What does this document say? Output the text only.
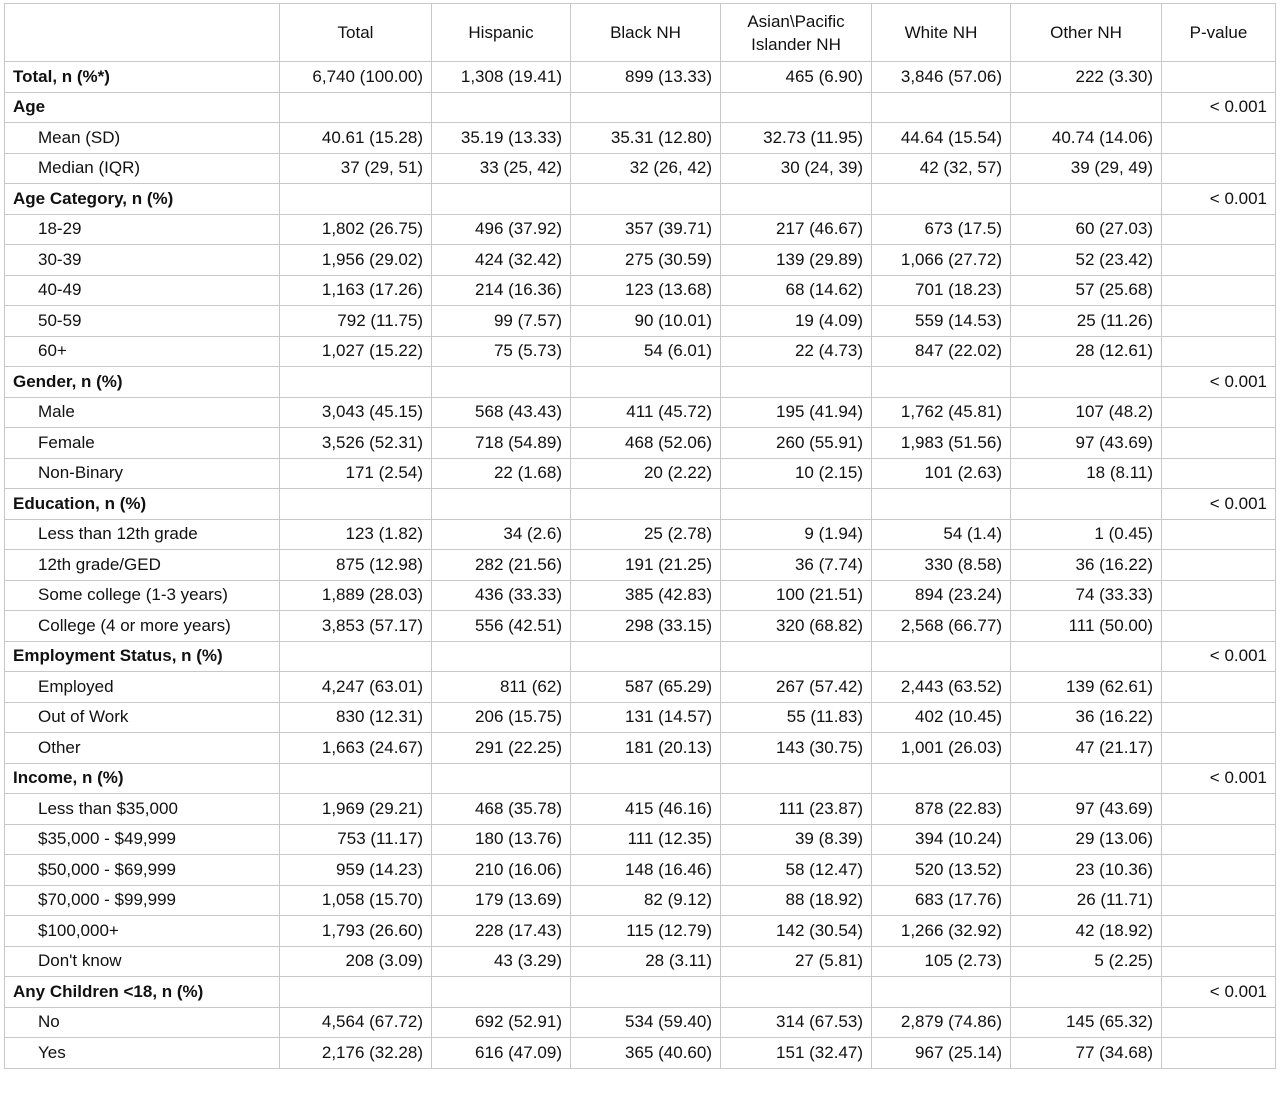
	Total	Hispanic	Black NH	Asian\Pacific Islander NH	White NH	Other NH	P-value
Total, n (%*)	6,740 (100.00)	1,308 (19.41)	899 (13.33)	465 (6.90)	3,846 (57.06)	222 (3.30)	
Age							< 0.001
Mean (SD)	40.61 (15.28)	35.19 (13.33)	35.31 (12.80)	32.73 (11.95)	44.64 (15.54)	40.74 (14.06)	
Median (IQR)	37 (29, 51)	33 (25, 42)	32 (26, 42)	30 (24, 39)	42 (32, 57)	39 (29, 49)	
Age Category, n (%)							< 0.001
18-29	1,802 (26.75)	496 (37.92)	357 (39.71)	217 (46.67)	673 (17.5)	60 (27.03)	
30-39	1,956 (29.02)	424 (32.42)	275 (30.59)	139 (29.89)	1,066 (27.72)	52 (23.42)	
40-49	1,163 (17.26)	214 (16.36)	123 (13.68)	68 (14.62)	701 (18.23)	57 (25.68)	
50-59	792 (11.75)	99 (7.57)	90 (10.01)	19 (4.09)	559 (14.53)	25 (11.26)	
60+	1,027 (15.22)	75 (5.73)	54 (6.01)	22 (4.73)	847 (22.02)	28 (12.61)	
Gender, n (%)							< 0.001
Male	3,043 (45.15)	568 (43.43)	411 (45.72)	195 (41.94)	1,762 (45.81)	107 (48.2)	
Female	3,526 (52.31)	718 (54.89)	468 (52.06)	260 (55.91)	1,983 (51.56)	97 (43.69)	
Non-Binary	171 (2.54)	22 (1.68)	20 (2.22)	10 (2.15)	101 (2.63)	18 (8.11)	
Education, n (%)							< 0.001
Less than 12th grade	123 (1.82)	34 (2.6)	25 (2.78)	9 (1.94)	54 (1.4)	1 (0.45)	
12th grade/GED	875 (12.98)	282 (21.56)	191 (21.25)	36 (7.74)	330 (8.58)	36 (16.22)	
Some college (1-3 years)	1,889 (28.03)	436 (33.33)	385 (42.83)	100 (21.51)	894 (23.24)	74 (33.33)	
College (4 or more years)	3,853 (57.17)	556 (42.51)	298 (33.15)	320 (68.82)	2,568 (66.77)	111 (50.00)	
Employment Status, n (%)							< 0.001
Employed	4,247 (63.01)	811 (62)	587 (65.29)	267 (57.42)	2,443 (63.52)	139 (62.61)	
Out of Work	830 (12.31)	206 (15.75)	131 (14.57)	55 (11.83)	402 (10.45)	36 (16.22)	
Other	1,663 (24.67)	291 (22.25)	181 (20.13)	143 (30.75)	1,001 (26.03)	47 (21.17)	
Income, n (%)							< 0.001
Less than $35,000	1,969 (29.21)	468 (35.78)	415 (46.16)	111 (23.87)	878 (22.83)	97 (43.69)	
$35,000 - $49,999	753 (11.17)	180 (13.76)	111 (12.35)	39 (8.39)	394 (10.24)	29 (13.06)	
$50,000 - $69,999	959 (14.23)	210 (16.06)	148 (16.46)	58 (12.47)	520 (13.52)	23 (10.36)	
$70,000 - $99,999	1,058 (15.70)	179 (13.69)	82 (9.12)	88 (18.92)	683 (17.76)	26 (11.71)	
$100,000+	1,793 (26.60)	228 (17.43)	115 (12.79)	142 (30.54)	1,266 (32.92)	42 (18.92)	
Don't know	208 (3.09)	43 (3.29)	28 (3.11)	27 (5.81)	105 (2.73)	5 (2.25)	
Any Children <18, n (%)							< 0.001
No	4,564 (67.72)	692 (52.91)	534 (59.40)	314 (67.53)	2,879 (74.86)	145 (65.32)	
Yes	2,176 (32.28)	616 (47.09)	365 (40.60)	151 (32.47)	967 (25.14)	77 (34.68)	
